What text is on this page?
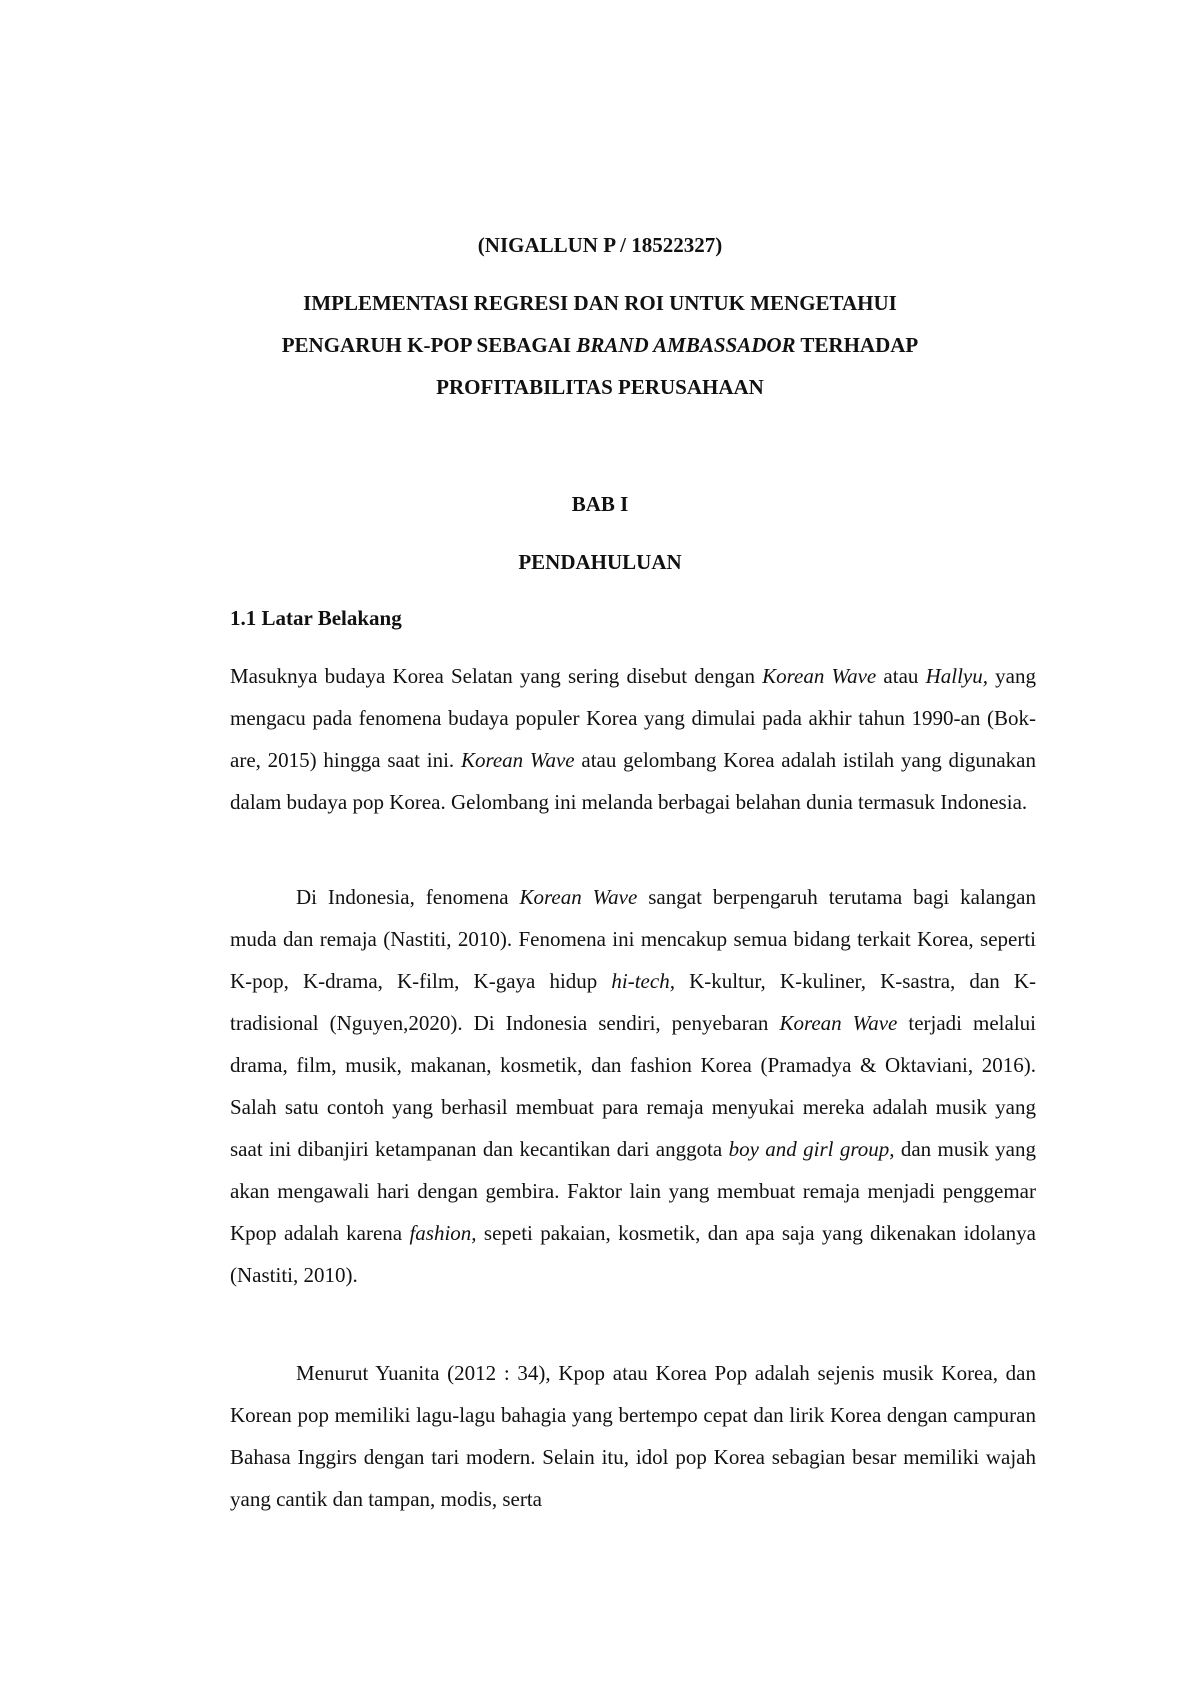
(NIGALLUN P / 18522327)
IMPLEMENTASI REGRESI DAN ROI UNTUK MENGETAHUI
PENGARUH K-POP SEBAGAI BRAND AMBASSADOR TERHADAP
PROFITABILITAS PERUSAHAAN
BAB I
PENDAHULUAN
1.1 Latar Belakang

Masuknya budaya Korea Selatan yang sering disebut dengan Korean Wave atau Hallyu, yang mengacu pada fenomena budaya populer Korea yang dimulai pada akhir tahun 1990-an (Bok-are, 2015) hingga saat ini. Korean Wave atau gelombang Korea adalah istilah yang digunakan dalam budaya pop Korea. Gelombang ini melanda berbagai belahan dunia termasuk Indonesia.

Di Indonesia, fenomena Korean Wave sangat berpengaruh terutama bagi kalangan muda dan remaja (Nastiti, 2010). Fenomena ini mencakup semua bidang terkait Korea, seperti K-pop, K-drama, K-film, K-gaya hidup hi-tech, K-kultur, K-kuliner, K-sastra, dan K-tradisional (Nguyen,2020). Di Indonesia sendiri, penyebaran Korean Wave terjadi melalui drama, film, musik, makanan, kosmetik, dan fashion Korea (Pramadya & Oktaviani, 2016). Salah satu contoh yang berhasil membuat para remaja menyukai mereka adalah musik yang saat ini dibanjiri ketampanan dan kecantikan dari anggota boy and girl group, dan musik yang akan mengawali hari dengan gembira. Faktor lain yang membuat remaja menjadi penggemar Kpop adalah karena fashion, sepeti pakaian, kosmetik, dan apa saja yang dikenakan idolanya (Nastiti, 2010).

Menurut Yuanita (2012 : 34), Kpop atau Korea Pop adalah sejenis musik Korea, dan Korean pop memiliki lagu-lagu bahagia yang bertempo cepat dan lirik Korea dengan campuran Bahasa Inggirs dengan tari modern. Selain itu, idol pop Korea sebagian besar memiliki wajah yang cantik dan tampan, modis, serta
